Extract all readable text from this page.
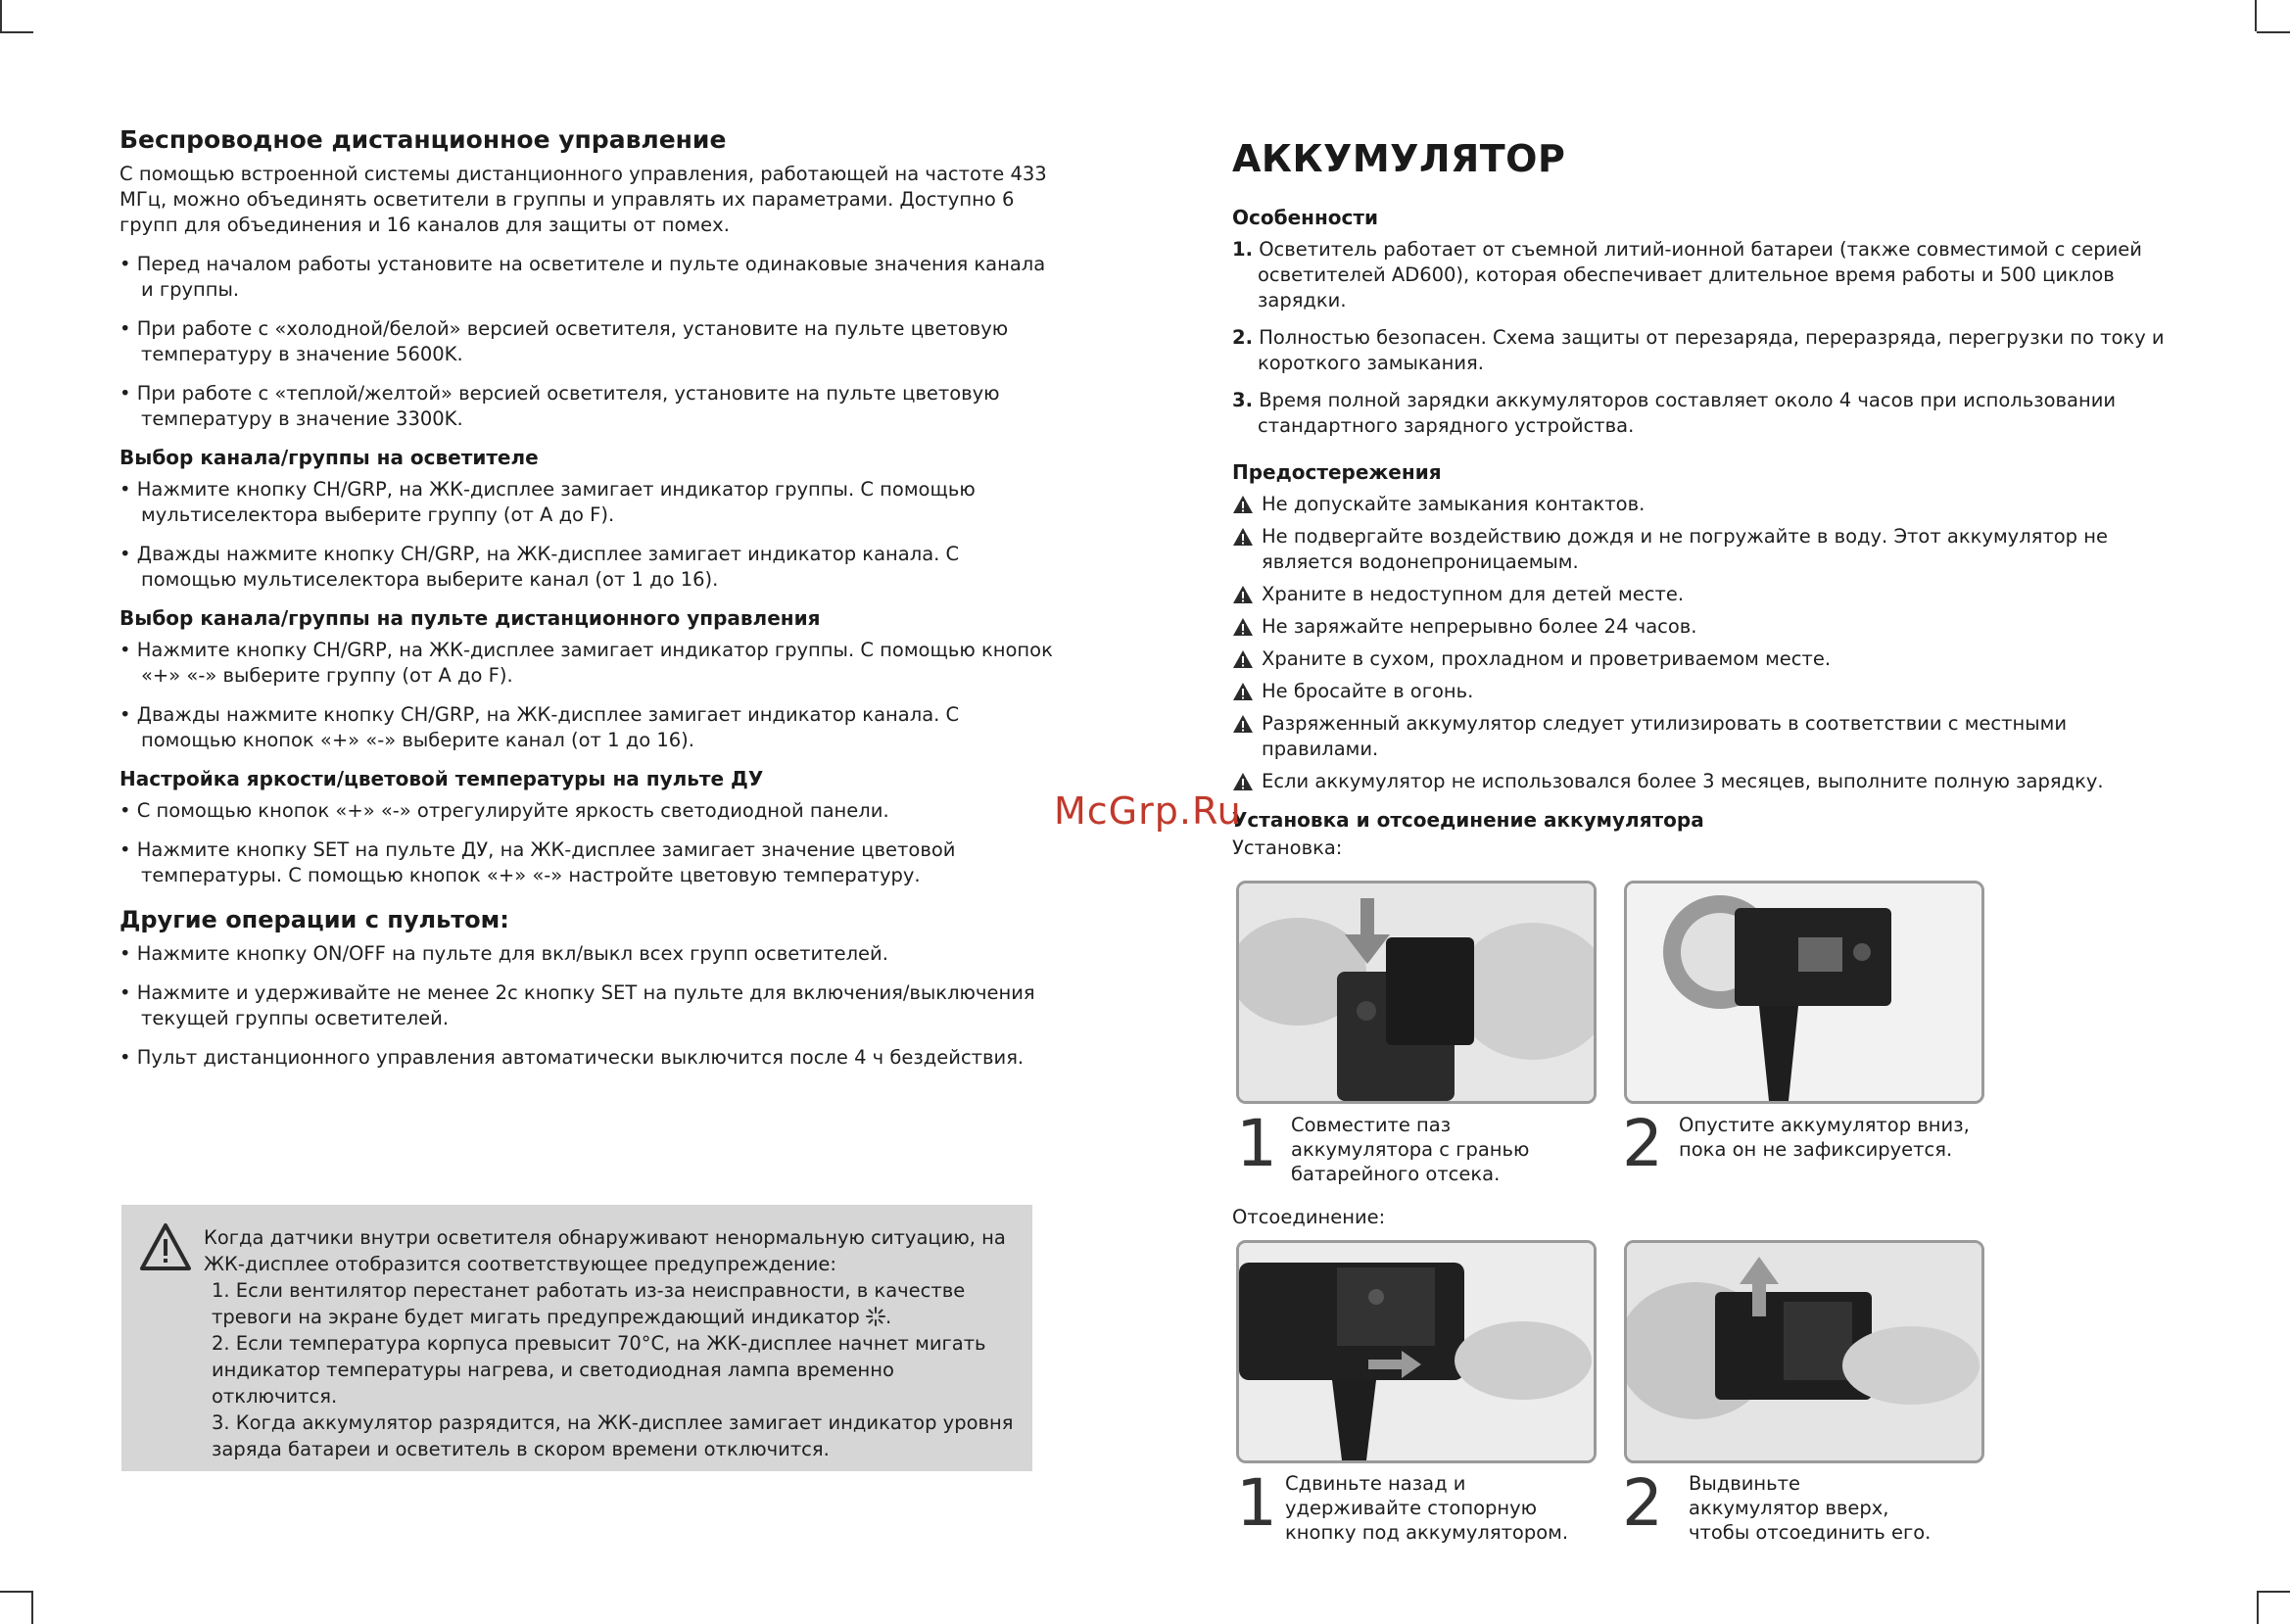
Беспроводное дистанционное управление

С помощью встроенной системы дистанционного управления, работающей на частоте 433 МГц, можно объединять осветители в группы и управлять их параметрами. Доступно 6 групп для объединения и 16 каналов для защиты от помех.

• Перед началом работы установите на осветителе и пульте одинаковые значения канала и группы.
• При работе с «холодной/белой» версией осветителя, установите на пульте цветовую температуру в значение 5600K.
• При работе с «теплой/желтой» версией осветителя, установите на пульте цветовую температуру в значение 3300K.
Выбор канала/группы на осветителе
• Нажмите кнопку CH/GRP, на ЖК-дисплее замигает индикатор группы. С помощью мультиселектора выберите группу (от A до F).
• Дважды нажмите кнопку CH/GRP, на ЖК-дисплее замигает индикатор канала. С помощью мультиселектора выберите канал (от 1 до 16).
Выбор канала/группы на пульте дистанционного управления
• Нажмите кнопку CH/GRP, на ЖК-дисплее замигает индикатор группы. С помощью кнопок «+» «-» выберите группу (от A до F).
• Дважды нажмите кнопку CH/GRP, на ЖК-дисплее замигает индикатор канала. С помощью кнопок «+» «-» выберите канал (от 1 до 16).
Настройка яркости/цветовой температуры на пульте ДУ
• С помощью кнопок «+» «-» отрегулируйте яркость светодиодной панели.
• Нажмите кнопку SET на пульте ДУ, на ЖК-дисплее замигает значение цветовой температуры. С помощью кнопок «+» «-» настройте цветовую температуру.
Другие операции с пультом:
• Нажмите кнопку ON/OFF на пульте для вкл/выкл всех групп осветителей.
• Нажмите и удерживайте не менее 2с кнопку SET на пульте для включения/выключения текущей группы осветителей.
• Пульт дистанционного управления автоматически выключится после 4 ч бездействия.

Когда датчики внутри осветителя обнаруживают ненормальную ситуацию, на ЖК-дисплее отобразится соответствующее предупреждение:

1. Если вентилятор перестанет работать из-за неисправности, в качестве тревоги на экране будет мигать предупреждающий индикатор .

2. Если температура корпуса превысит 70°C, на ЖК-дисплее начнет мигать индикатор температуры нагрева, и светодиодная лампа временно отключится.

3. Когда аккумулятор разрядится, на ЖК-дисплее замигает индикатор уровня заряда батареи и осветитель в скором времени отключится.

АККУМУЛЯТОР
Особенности
1. Осветитель работает от съемной литий-ионной батареи (также совместимой с серией осветителей AD600), которая обеспечивает длительное время работы и 500 циклов зарядки.
2. Полностью безопасен. Схема защиты от перезаряда, переразряда, перегрузки по току и короткого замыкания.
3. Время полной зарядки аккумуляторов составляет около 4 часов при использовании стандартного зарядного устройства.
Предостережения
Не допускайте замыкания контактов.
Не подвергайте воздействию дождя и не погружайте в воду. Этот аккумулятор не является водонепроницаемым.
Храните в недоступном для детей месте.
Не заряжайте непрерывно более 24 часов.
Храните в сухом, прохладном и проветриваемом месте.
Не бросайте в огонь.
Разряженный аккумулятор следует утилизировать в соответствии с местными правилами.
Если аккумулятор не использовался более 3 месяцев, выполните полную зарядку.
Установка и отсоединение аккумулятора

Установка:

1 Совместите паз аккумулятора с гранью батарейного отсека.	2 Опустите аккумулятор вниз, пока он не зафиксируется.

Отсоединение:

1 Сдвиньте назад и удерживайте стопорную кнопку под аккумулятором. 2 Выдвиньте аккумулятор вверх, чтобы отсоединить его.
McGrp.Ru
